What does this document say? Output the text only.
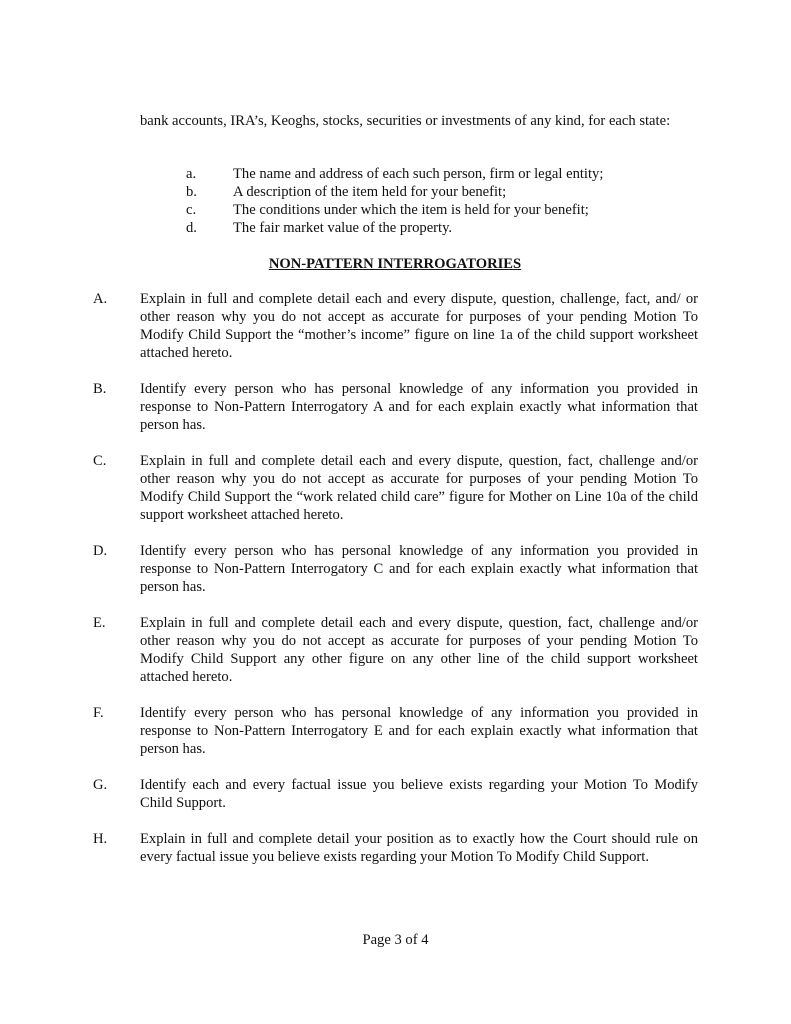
bank accounts, IRA’s, Keoghs, stocks, securities or investments of any kind, for each state:
a.	The name and address of each such person, firm or legal entity;
b.	A description of the item held for your benefit;
c.	The conditions under which the item is held for your benefit;
d.	The fair market value of the property.
NON-PATTERN INTERROGATORIES
A.	Explain in full and complete detail each and every dispute, question, challenge, fact, and/ or other reason why you do not accept as accurate for purposes of your pending Motion To Modify Child Support the “mother’s income” figure on line 1a of the child support worksheet attached hereto.
B.	Identify every person who has personal knowledge of any information you provided in response to Non-Pattern Interrogatory A and for each explain exactly what information that person has.
C.	Explain in full and complete detail each and every dispute, question, fact, challenge and/or other reason why you do not accept as accurate for purposes of your pending Motion To Modify Child Support the “work related child care” figure for Mother on Line 10a of the child support worksheet attached hereto.
D.	Identify every person who has personal knowledge of any information you provided in response to Non-Pattern Interrogatory C and for each explain exactly what information that person has.
E.	Explain in full and complete detail each and every dispute, question, fact, challenge and/or other reason why you do not accept as accurate for purposes of your pending Motion To Modify Child Support any other figure on any other line of the child support worksheet attached hereto.
F.	Identify every person who has personal knowledge of any information you provided in response to Non-Pattern Interrogatory E and for each explain exactly what information that person has.
G.	Identify each and every factual issue you believe exists regarding your Motion To Modify Child Support.
H.	Explain in full and complete detail your position as to exactly how the Court should rule on every factual issue you believe exists regarding your Motion To Modify Child Support.
Page 3 of 4
